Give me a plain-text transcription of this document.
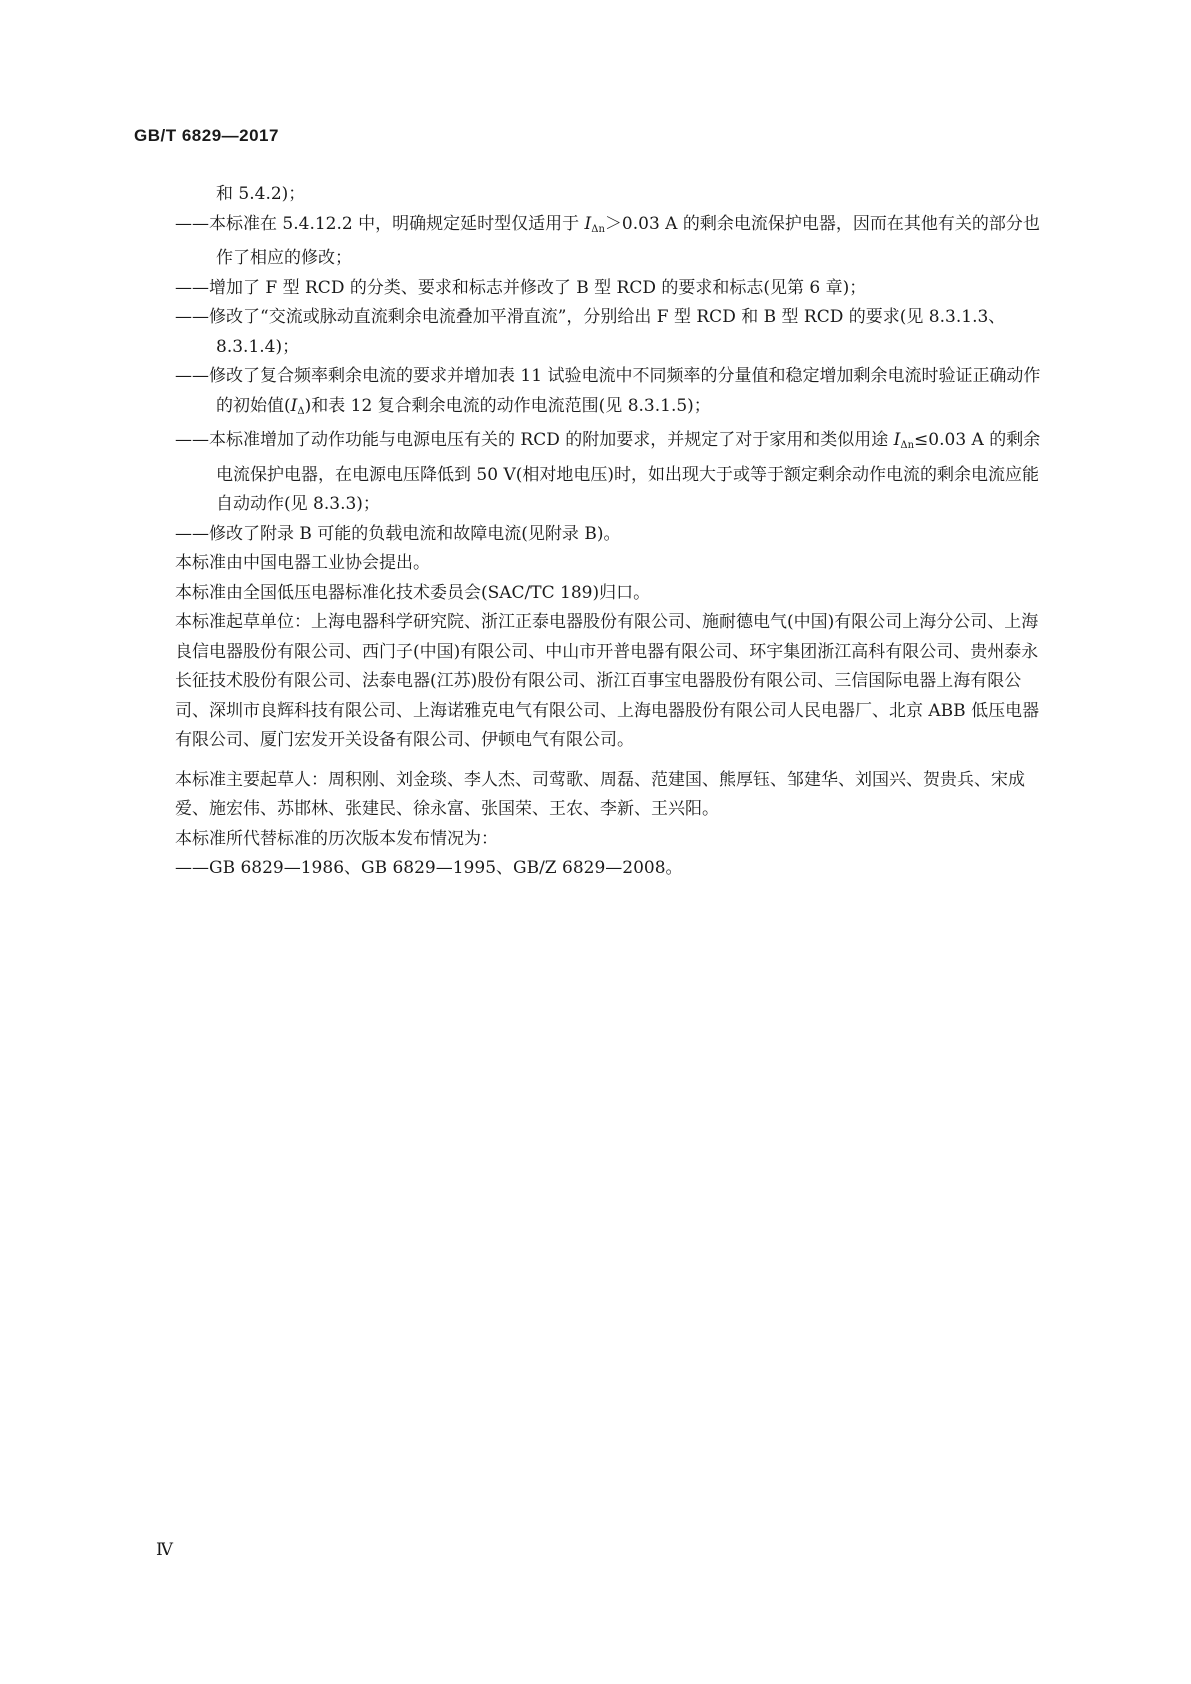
GB/T 6829—2017

和 5.4.2)；

——本标准在 5.4.12.2 中，明确规定延时型仅适用于 $I_{\Delta n}>0.03$ A 的剩余电流保护电器，因而在其他有关的部分也作了相应的修改；

——增加了 F 型 RCD 的分类、要求和标志并修改了 B 型 RCD 的要求和标志(见第 6 章)；

——修改了“交流或脉动直流剩余电流叠加平滑直流”，分别给出 F 型 RCD 和 B 型 RCD 的要求(见 8.3.1.3、8.3.1.4)；

——修改了复合频率剩余电流的要求并增加表 11 试验电流中不同频率的分量值和稳定增加剩余电流时验证正确动作的初始值$(I_\Delta)$和表 12 复合剩余电流的动作电流范围(见 8.3.1.5)；

——本标准增加了动作功能与电源电压有关的 RCD 的附加要求，并规定了对于家用和类似用途 $I_{\Delta n}\le 0.03$ A 的剩余电流保护电器，在电源电压降低到 50 V(相对地电压)时，如出现大于或等于额定剩余动作电流的剩余电流应能自动动作(见 8.3.3)；

——修改了附录 B 可能的负载电流和故障电流(见附录 B)。

本标准由中国电器工业协会提出。

本标准由全国低压电器标准化技术委员会(SAC/TC 189)归口。

本标准起草单位：上海电器科学研究院、浙江正泰电器股份有限公司、施耐德电气(中国)有限公司上海分公司、上海良信电器股份有限公司、西门子(中国)有限公司、中山市开普电器有限公司、环宇集团浙江高科有限公司、贵州泰永长征技术股份有限公司、法泰电器(江苏)股份有限公司、浙江百事宝电器股份有限公司、三信国际电器上海有限公司、深圳市良辉科技有限公司、上海诺雅克电气有限公司、上海电器股份有限公司人民电器厂、北京 ABB 低压电器有限公司、厦门宏发开关设备有限公司、伊顿电气有限公司。

本标准主要起草人：周积刚、刘金琰、李人杰、司莺歌、周磊、范建国、熊厚钰、邹建华、刘国兴、贺贵兵、宋成爱、施宏伟、苏邯林、张建民、徐永富、张国荣、王农、李新、王兴阳。

本标准所代替标准的历次版本发布情况为：

——GB 6829—1986、GB 6829—1995、GB/Z 6829—2008。

Ⅳ
